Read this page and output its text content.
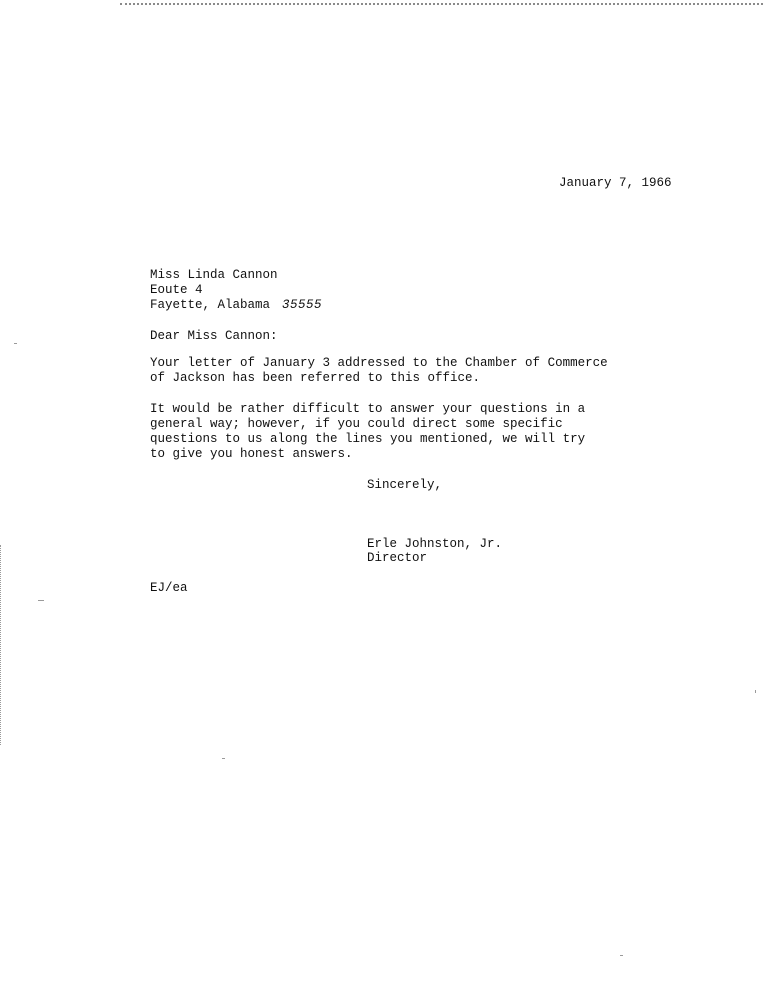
January 7, 1966
Miss Linda Cannon
Eoute 4
Fayette, Alabama 35555
Dear Miss Cannon:
Your letter of January 3 addressed to the Chamber of Commerce
of Jackson has been referred to this office.
It would be rather difficult to answer your questions in a
general way; however, if you could direct some specific
questions to us along the lines you mentioned, we will try
to give you honest answers.
Sincerely,
Erle Johnston, Jr.
Director
EJ/ea
